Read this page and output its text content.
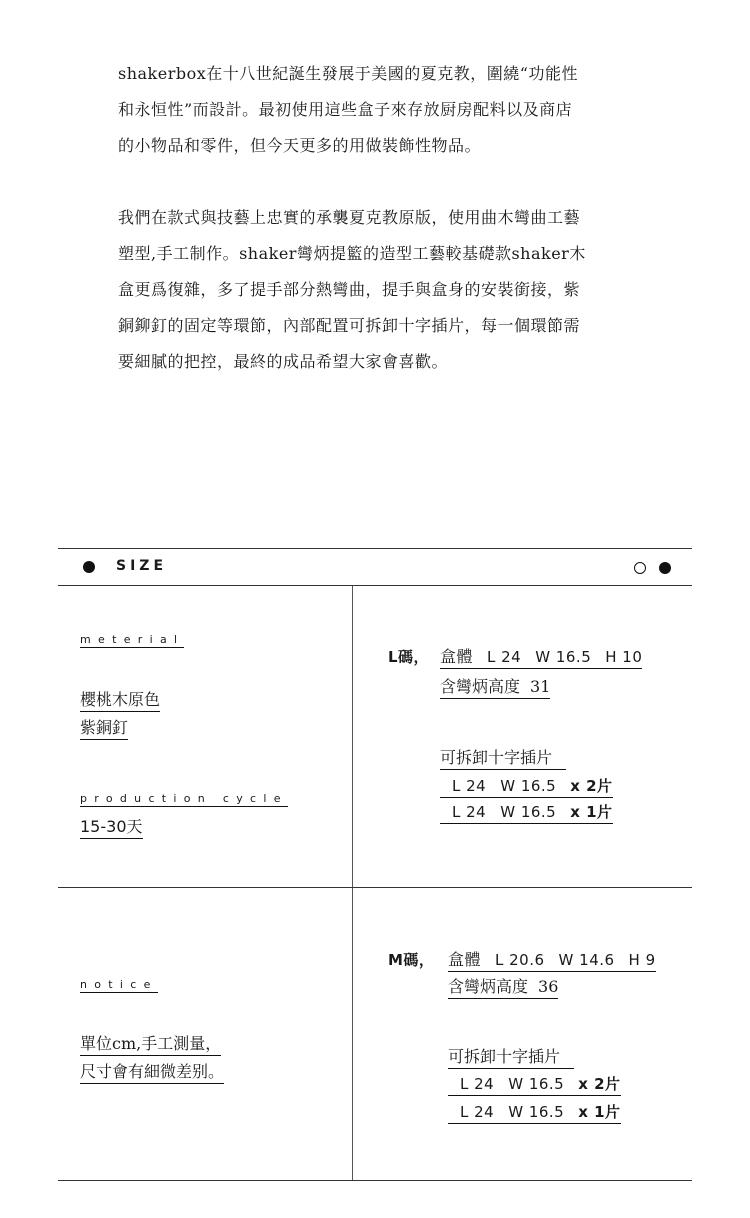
shakerbox在十八世紀誕生發展于美國的夏克教，圍繞“功能性

和永恒性”而設計。最初使用這些盒子來存放厨房配料以及商店

的小物品和零件，但今天更多的用做裝飾性物品。

我們在款式與技藝上忠實的承襲夏克教原版，使用曲木彎曲工藝

塑型,手工制作。shaker彎炳提籃的造型工藝較基礎款shaker木

盒更爲復雜，多了提手部分熱彎曲，提手與盒身的安裝銜接，紫

銅鉚釘的固定等環節，內部配置可拆卸十字插片，每一個環節需

要細膩的把控，最終的成品希望大家會喜歡。

SIZE
meterial
櫻桃木原色
紫銅釘
production cycle
15-30天
notice
單位cm,手工測量，
尺寸會有細微差别。
L碼， 盒體 L 24 W 16.5 H 10
含彎炳高度 31
可拆卸十字插片
L 24 W 16.5 x 2片
L 24 W 16.5 x 1片
M碼， 盒體 L 20.6 W 14.6 H 9
含彎炳高度 36
可拆卸十字插片
L 24 W 16.5 x 2片
L 24 W 16.5 x 1片
